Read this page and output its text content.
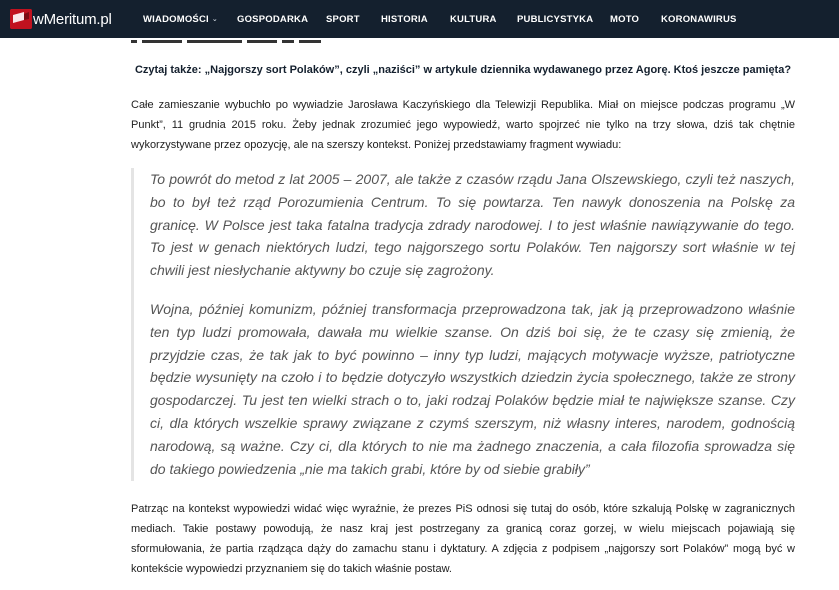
wMeritum.pl	WIADOMOŚCI ⌄ GOSPODARKA SPORT HISTORIA KULTURA PUBLICYSTYKA MOTO KORONAWIRUS
Czytaj także: „Najgorszy sort Polaków”, czyli „naziści” w artykule dziennika wydawanego przez Agorę. Ktoś jeszcze pamięta?
Całe zamieszanie wybuchło po wywiadzie Jarosława Kaczyńskiego dla Telewizji Republika. Miał on miejsce podczas programu „W Punkt”, 11 grudnia 2015 roku. Żeby jednak zrozumieć jego wypowiedź, warto spojrzeć nie tylko na trzy słowa, dziś tak chętnie wykorzystywane przez opozycję, ale na szerszy kontekst. Poniżej przedstawiamy fragment wywiadu:

To powrót do metod z lat 2005 – 2007, ale także z czasów rządu Jana Olszewskiego, czyli też naszych, bo to był też rząd Porozumienia Centrum. To się powtarza. Ten nawyk donoszenia na Polskę za granicę. W Polsce jest taka fatalna tradycja zdrady narodowej. I to jest właśnie nawiązywanie do tego. To jest w genach niektórych ludzi, tego najgorszego sortu Polaków. Ten najgorszy sort właśnie w tej chwili jest niesłychanie aktywny bo czuje się zagrożony.

Wojna, później komunizm, później transformacja przeprowadzona tak, jak ją przeprowadzono właśnie ten typ ludzi promowała, dawała mu wielkie szanse. On dziś boi się, że te czasy się zmienią, że przyjdzie czas, że tak jak to być powinno – inny typ ludzi, mających motywacje wyższe, patriotyczne będzie wysunięty na czoło i to będzie dotyczyło wszystkich dziedzin życia społecznego, także ze strony gospodarczej. Tu jest ten wielki strach o to, jaki rodzaj Polaków będzie miał te największe szanse. Czy ci, dla których wszelkie sprawy związane z czymś szerszym, niż własny interes, narodem, godnością narodową, są ważne. Czy ci, dla których to nie ma żadnego znaczenia, a cała filozofia sprowadza się do takiego powiedzenia „nie ma takich grabi, które by od siebie grabiły”

Patrząc na kontekst wypowiedzi widać więc wyraźnie, że prezes PiS odnosi się tutaj do osób, które szkalują Polskę w zagranicznych mediach. Takie postawy powodują, że nasz kraj jest postrzegany za granicą coraz gorzej, w wielu miejscach pojawiają się sformułowania, że partia rządząca dąży do zamachu stanu i dyktatury. A zdjęcia z podpisem „najgorszy sort Polaków” mogą być w kontekście wypowiedzi przyznaniem się do takich właśnie postaw.
